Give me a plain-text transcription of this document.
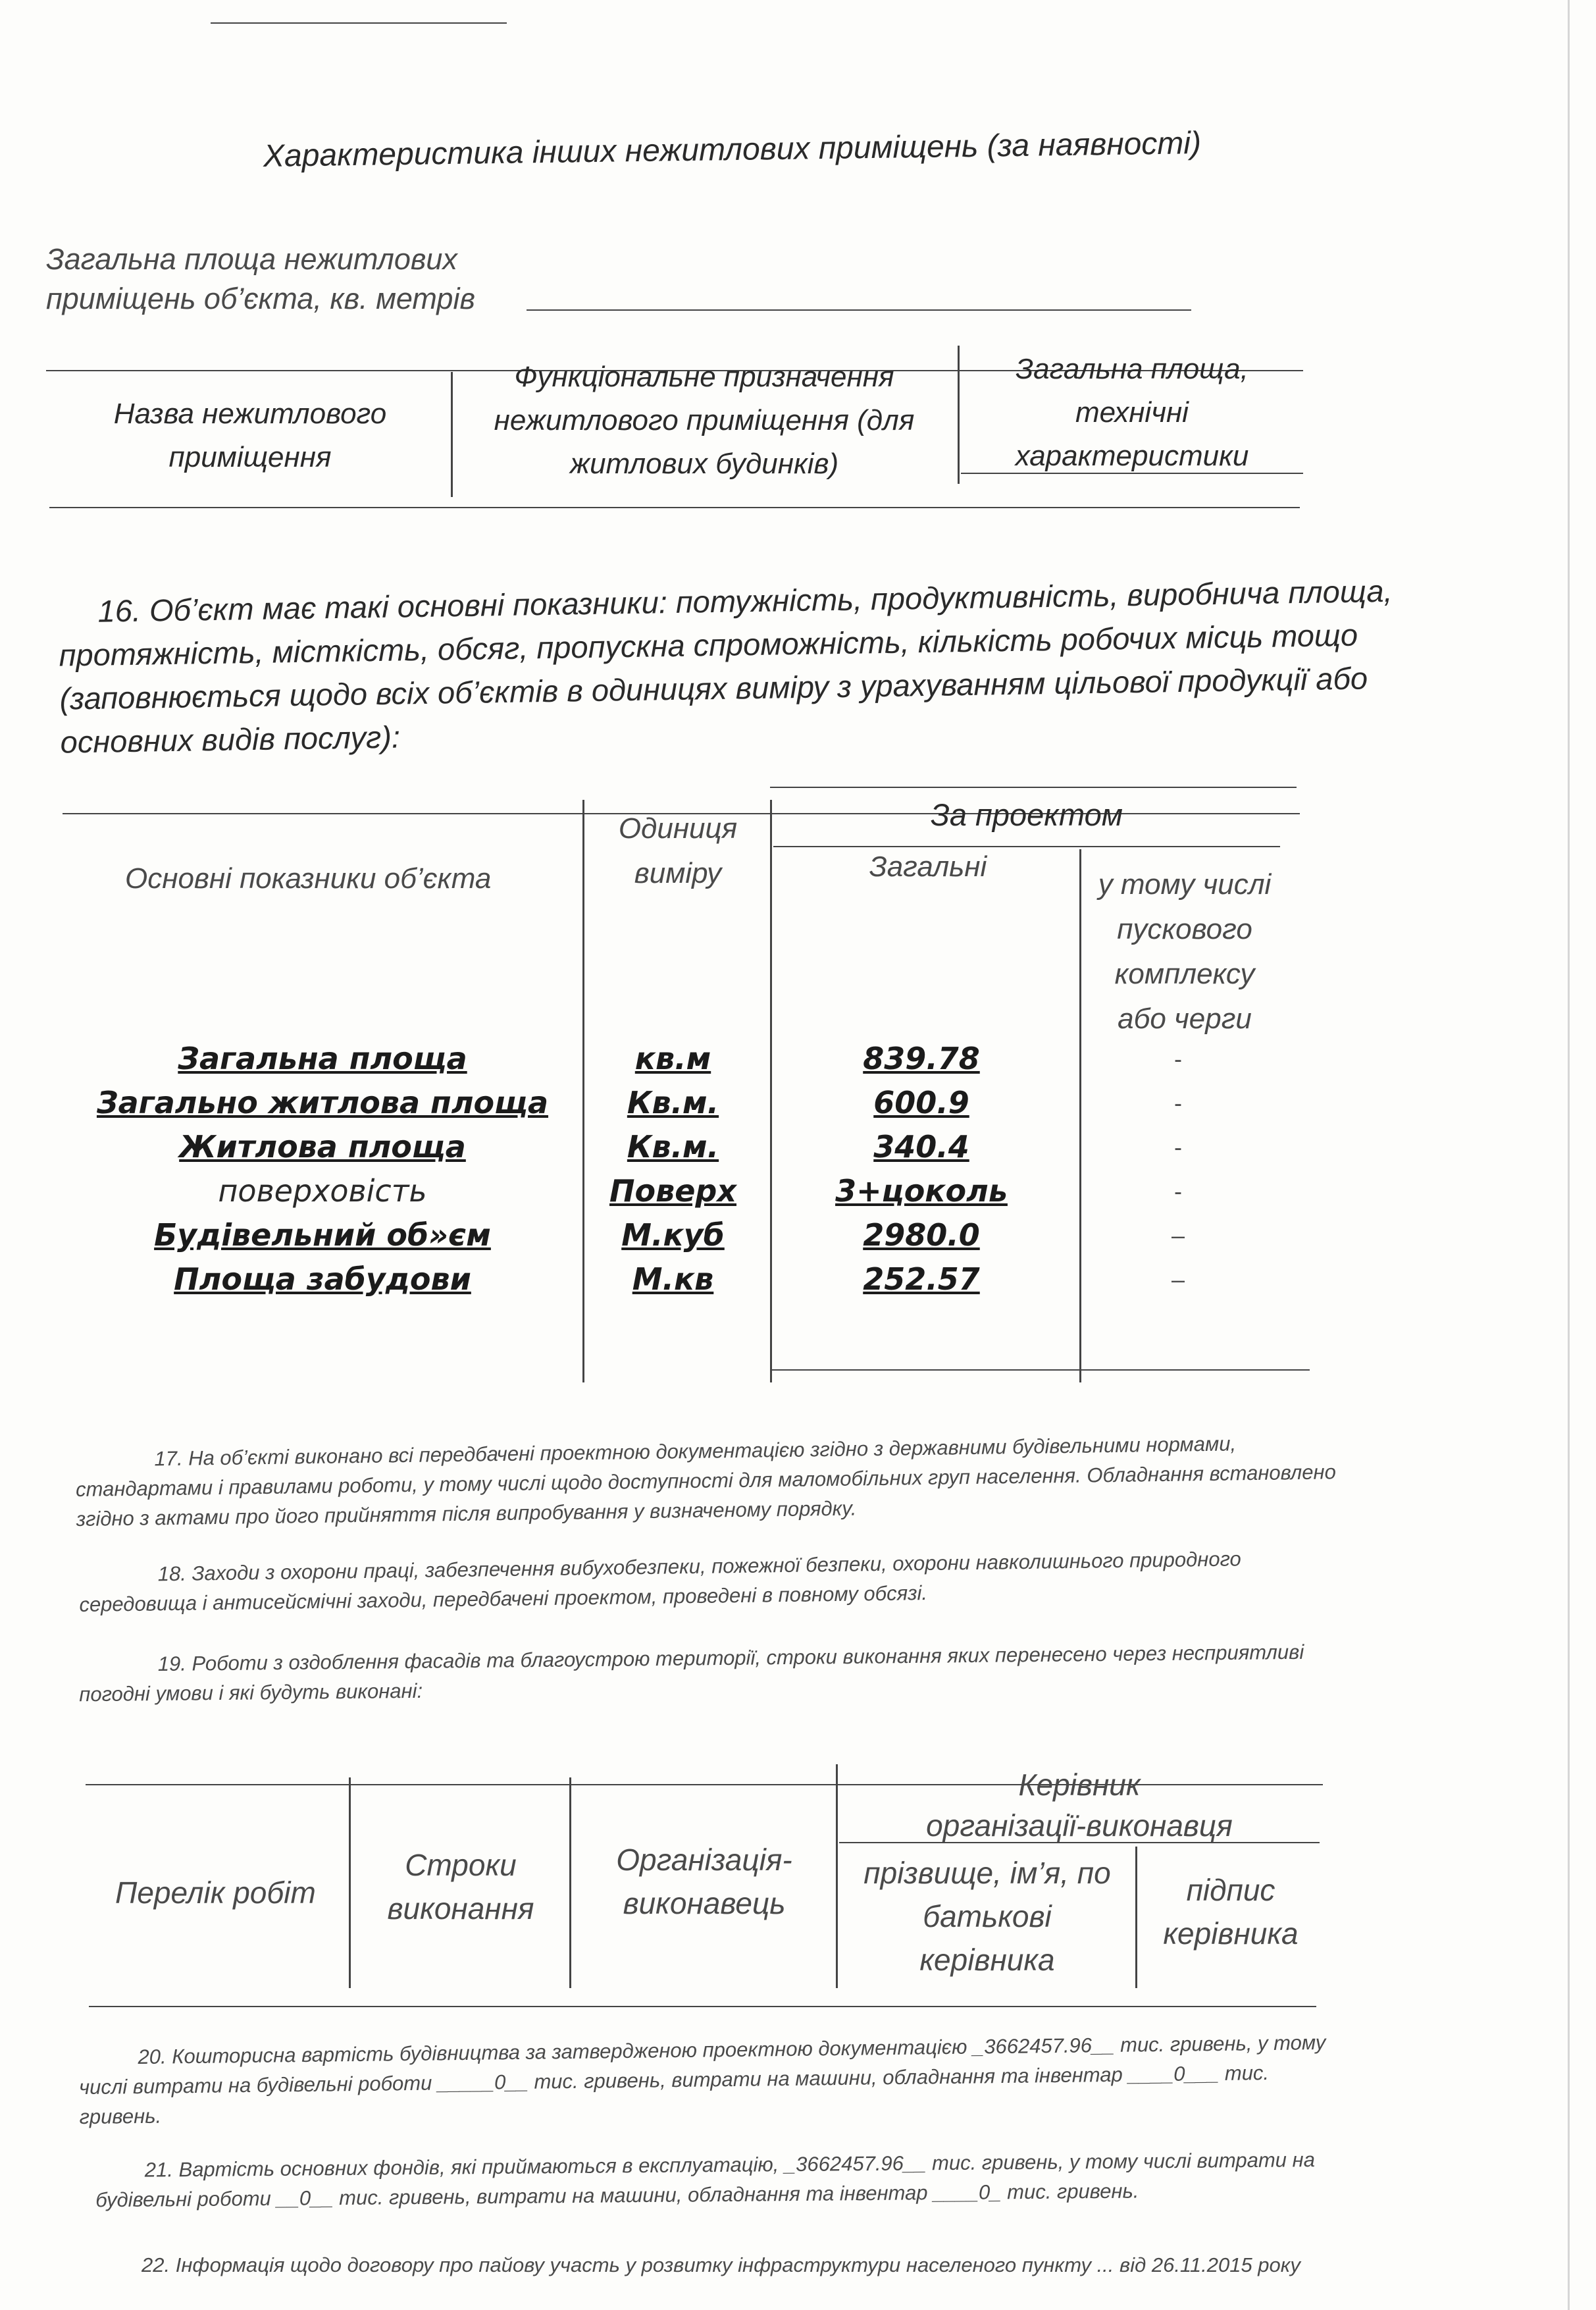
Характеристика інших нежитлових приміщень (за наявності)
Загальна площа нежитлових
приміщень об’єкта, кв. метрів
Назва нежитлового
приміщення
Функціональне призначення
нежитлового приміщення (для
житлових будинків)
Загальна площа,
технічні
характеристики
16. Об’єкт має такі основні показники: потужність, продуктивність, виробнича площа,
протяжність, місткість, обсяг, пропускна спроможність, кількість робочих місць тощо
(заповнюється щодо всіх об’єктів в одиницях виміру з урахуванням цільової продукції або
основних видів послуг):
Основні показники об’єкта
Одиниця
виміру
За проектом
Загальні
у тому числі
пускового
комплексу
або черги
Загальна площа	кв.м	839.78	-
Загально житлова площа	Кв.м.	600.9	-
Житлова площа	Кв.м.	340.4	-
поверховість	Поверх	3+цоколь	-
Будівельний об»єм	М.куб	2980.0	–
Площа забудови	М.кв	252.57	–
17. На об’єкті виконано всі передбачені проектною документацією згідно з державними будівельними нормами,
стандартами і правилами роботи, у тому числі щодо доступності для маломобільних груп населення. Обладнання встановлено
згідно з актами про його прийняття після випробування у визначеному порядку.
18. Заходи з охорони праці, забезпечення вибухобезпеки, пожежної безпеки, охорони навколишнього природного
середовища і антисейсмічні заходи, передбачені проектом, проведені в повному обсязі.
19. Роботи з оздоблення фасадів та благоустрою території, строки виконання яких перенесено через несприятливі
погодні умови і які будуть виконані:
Перелік робіт
Строки
виконання
Організація-
виконавець
Керівник
організації-виконавця
прізвище, ім’я, по
батькові
керівника
підпис
керівника
20. Кошторисна вартість будівництва за затвердженою проектною документацією _3662457.96__ тис. гривень, у тому
числі витрати на будівельні роботи _____0__ тис. гривень, витрати на машини, обладнання та інвентар ____0___ тис.
гривень.
21. Вартість основних фондів, які приймаються в експлуатацію, _3662457.96__ тис. гривень, у тому числі витрати на
будівельні роботи __0__ тис. гривень, витрати на машини, обладнання та інвентар ____0_ тис. гривень.
22. Інформація щодо договору про пайову участь у розвитку інфраструктури населеного пункту ... від 26.11.2015 року
